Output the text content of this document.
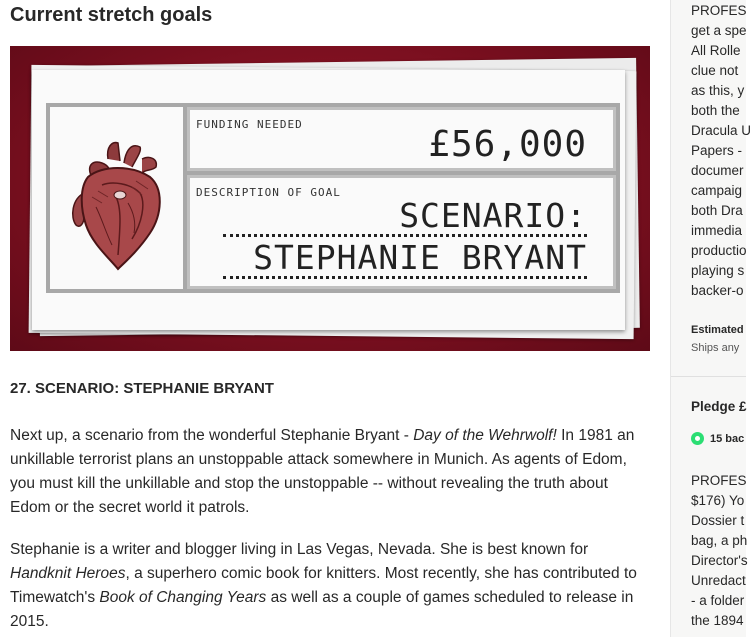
Current stretch goals
FUNDING NEEDED	£56,000
DESCRIPTION OF GOAL
SCENARIO:
STEPHANIE BRYANT
27. SCENARIO: STEPHANIE BRYANT

Next up, a scenario from the wonderful Stephanie Bryant - Day of the Wehrwolf! In 1981 an unkillable terrorist plans an unstoppable attack somewhere in Munich. As agents of Edom, you must kill the unkillable and stop the unstoppable -- without revealing the truth about Edom or the secret world it patrols.

Stephanie is a writer and blogger living in Las Vegas, Nevada. She is best known for Handknit Heroes, a superhero comic book for knitters. Most recently, she has contributed to Timewatch's Book of Changing Years as well as a couple of games scheduled to release in 2015.

PROFES
get a spe
All Rolle
clue not
as this, y
both the
Dracula U
Papers -
documer
campaig
both Dra
immedia
productio
playing s
backer-o
Estimated
Ships any
Pledge £
15 bac
PROFES
$176) Yo
Dossier t
bag, a ph
Director's
Unredact
- a folder
the 1894
